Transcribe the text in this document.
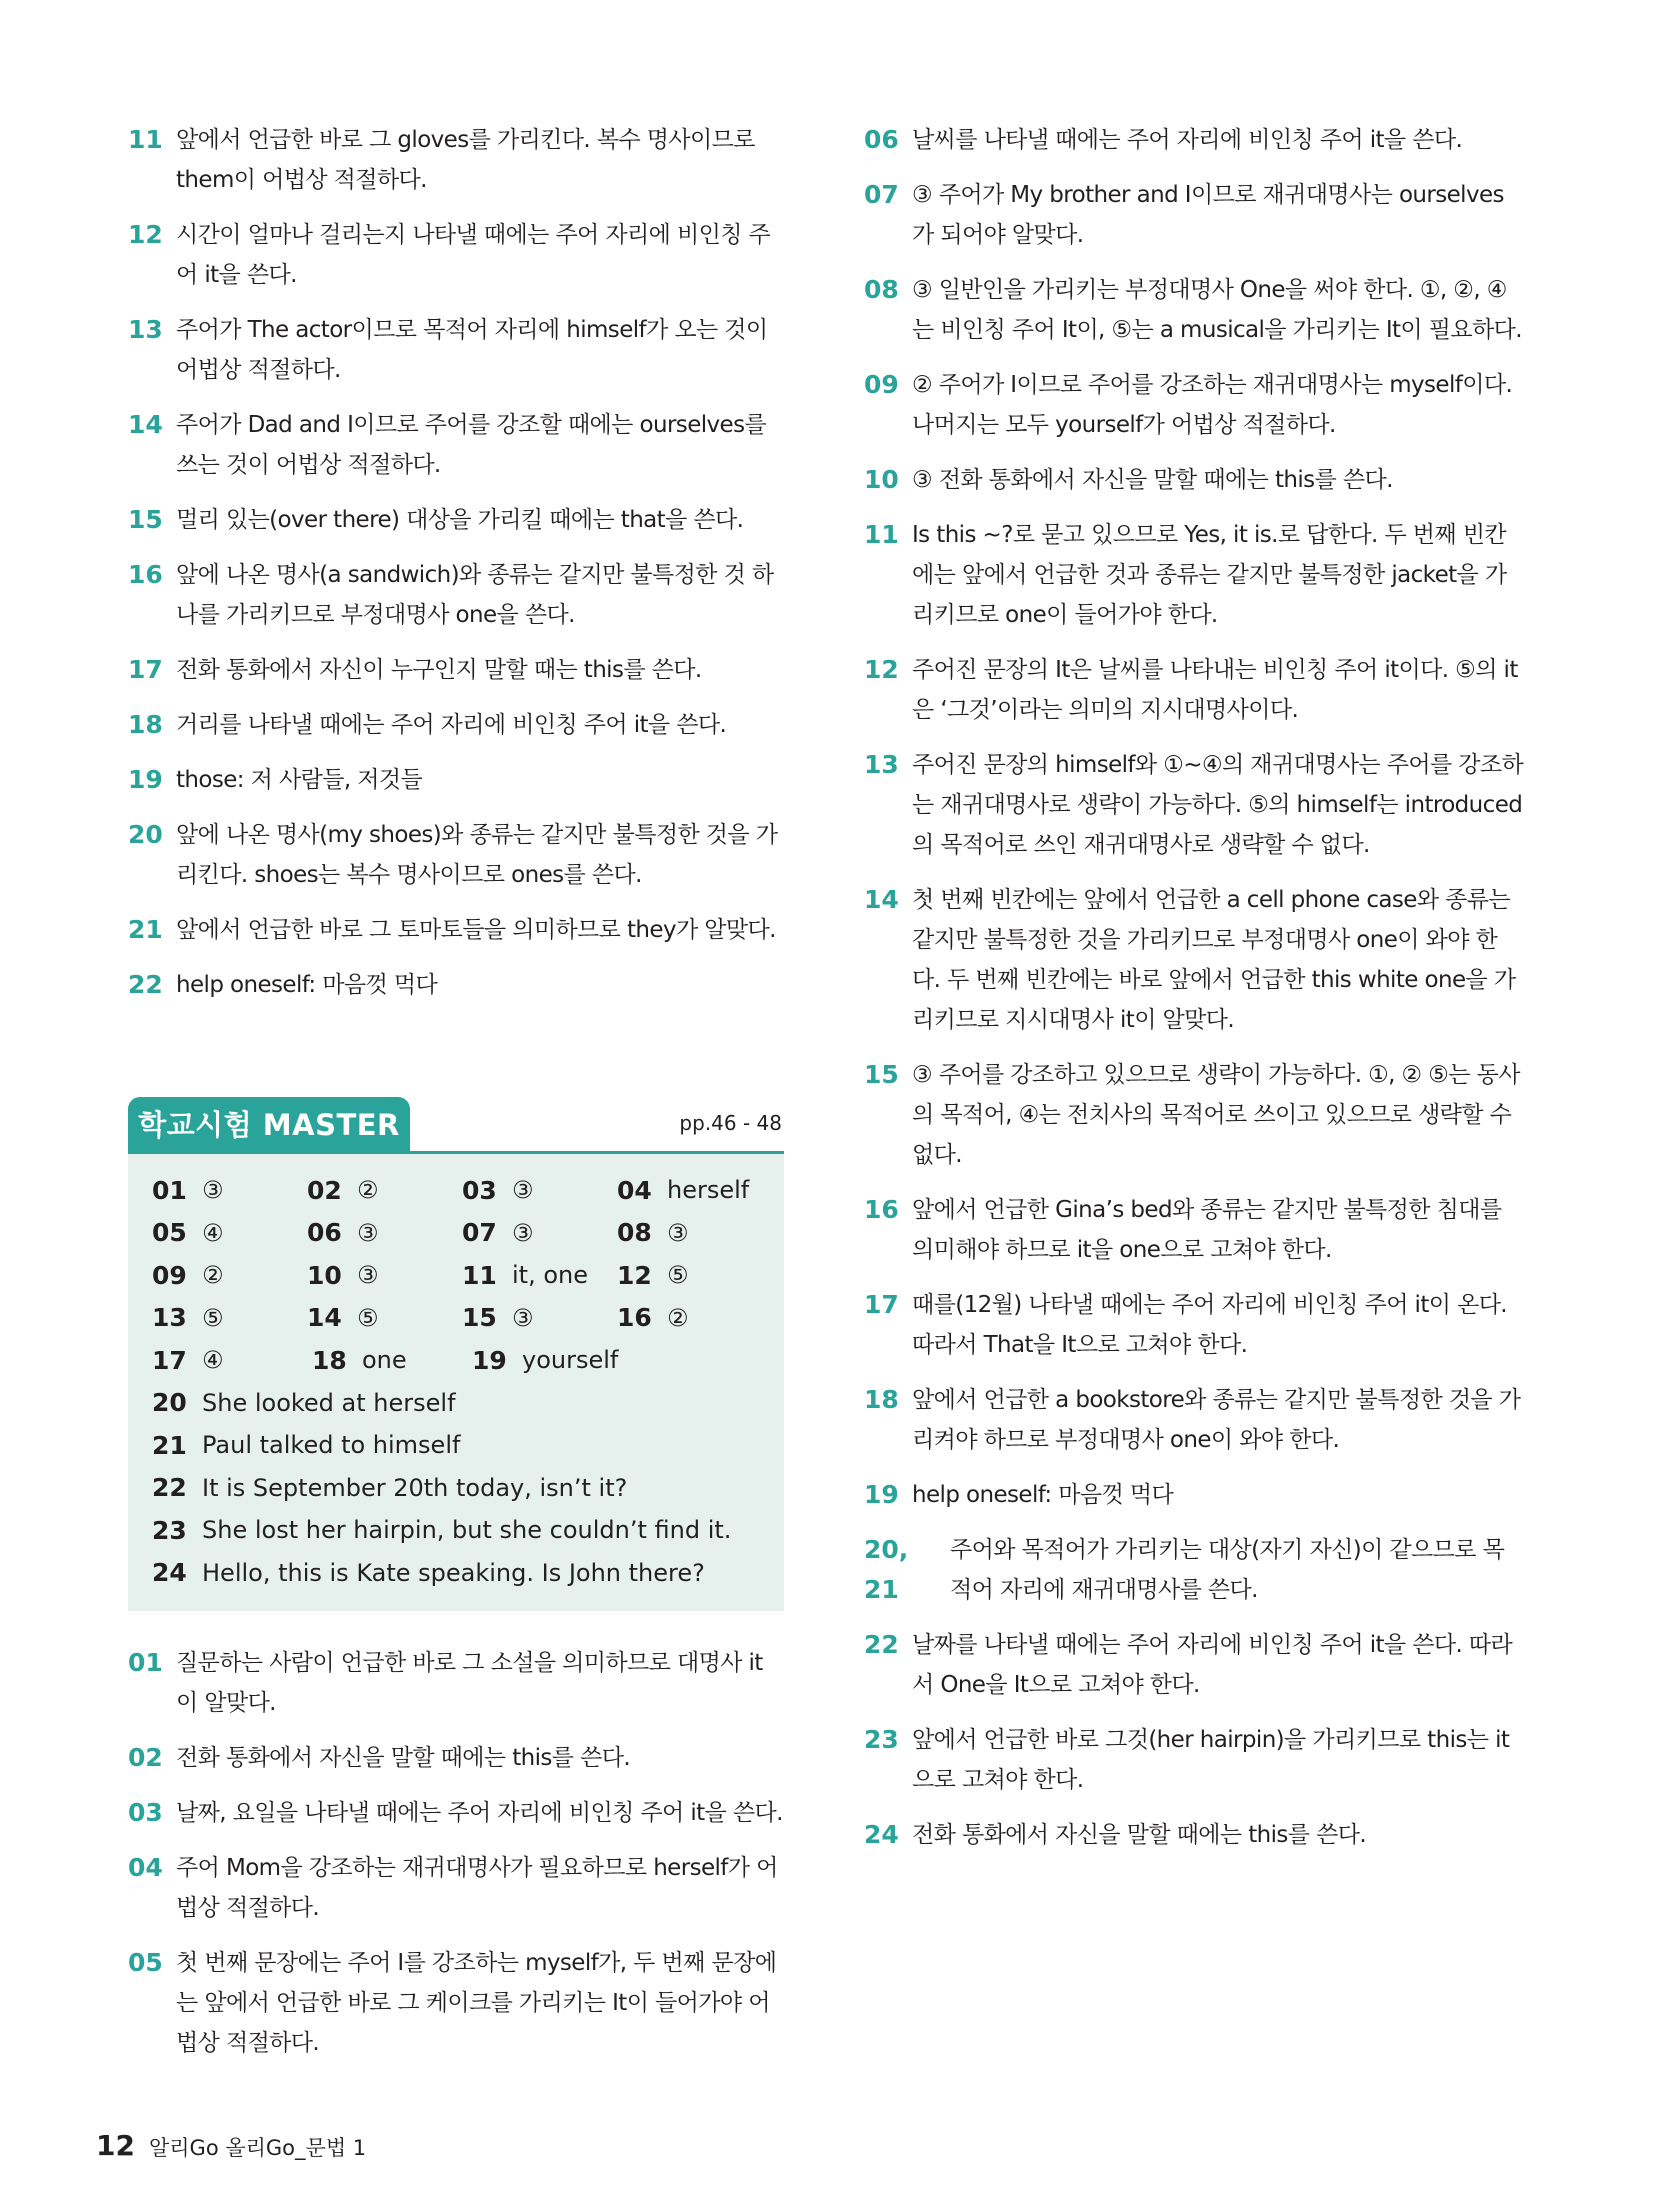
11 앞에서 언급한 바로 그 gloves를 가리킨다. 복수 명사이므로 them이 어법상 적절하다.
12 시간이 얼마나 걸리는지 나타낼 때에는 주어 자리에 비인칭 주어 it을 쓴다.
13 주어가 The actor이므로 목적어 자리에 himself가 오는 것이 어법상 적절하다.
14 주어가 Dad and I이므로 주어를 강조할 때에는 ourselves를 쓰는 것이 어법상 적절하다.
15 멀리 있는(over there) 대상을 가리킬 때에는 that을 쓴다.
16 앞에 나온 명사(a sandwich)와 종류는 같지만 불특정한 것 하나를 가리키므로 부정대명사 one을 쓴다.
17 전화 통화에서 자신이 누구인지 말할 때는 this를 쓴다.
18 거리를 나타낼 때에는 주어 자리에 비인칭 주어 it을 쓴다.
19 those: 저 사람들, 저것들
20 앞에 나온 명사(my shoes)와 종류는 같지만 불특정한 것을 가리킨다. shoes는 복수 명사이므로 ones를 쓴다.
21 앞에서 언급한 바로 그 토마토들을 의미하므로 they가 알맞다.
22 help oneself: 마음껏 먹다
학교시험 MASTER	pp.46 - 48
01 ③	02 ②	03 ③	04 herself
05 ④	06 ③	07 ③	08 ③
09 ②	10 ③	11 it, one 12 ⑤
13 ⑤	14 ⑤	15 ③	16 ②
17 ④	18 one	19 yourself
20 She looked at herself
21 Paul talked to himself
22 It is September 20th today, isn’t it?
23 She lost her hairpin, but she couldn’t find it.
24 Hello, this is Kate speaking. Is John there?
01 질문하는 사람이 언급한 바로 그 소설을 의미하므로 대명사 it이 알맞다.
02 전화 통화에서 자신을 말할 때에는 this를 쓴다.
03 날짜, 요일을 나타낼 때에는 주어 자리에 비인칭 주어 it을 쓴다.
04 주어 Mom을 강조하는 재귀대명사가 필요하므로 herself가 어법상 적절하다.
05 첫 번째 문장에는 주어 I를 강조하는 myself가, 두 번째 문장에는 앞에서 언급한 바로 그 케이크를 가리키는 It이 들어가야 어법상 적절하다.
06 날씨를 나타낼 때에는 주어 자리에 비인칭 주어 it을 쓴다.
07 ③ 주어가 My brother and I이므로 재귀대명사는 ourselves가 되어야 알맞다.
08 ③ 일반인을 가리키는 부정대명사 One을 써야 한다. ①, ②, ④는 비인칭 주어 It이, ⑤는 a musical을 가리키는 It이 필요하다.
09 ② 주어가 I이므로 주어를 강조하는 재귀대명사는 myself이다. 나머지는 모두 yourself가 어법상 적절하다.
10 ③ 전화 통화에서 자신을 말할 때에는 this를 쓴다.
11 Is this ~?로 묻고 있으므로 Yes, it is.로 답한다. 두 번째 빈칸에는 앞에서 언급한 것과 종류는 같지만 불특정한 jacket을 가리키므로 one이 들어가야 한다.
12 주어진 문장의 It은 날씨를 나타내는 비인칭 주어 it이다. ⑤의 it은 ‘그것’이라는 의미의 지시대명사이다.
13 주어진 문장의 himself와 ①~④의 재귀대명사는 주어를 강조하는 재귀대명사로 생략이 가능하다. ⑤의 himself는 introduced의 목적어로 쓰인 재귀대명사로 생략할 수 없다.
14 첫 번째 빈칸에는 앞에서 언급한 a cell phone case와 종류는 같지만 불특정한 것을 가리키므로 부정대명사 one이 와야 한다. 두 번째 빈칸에는 바로 앞에서 언급한 this white one을 가리키므로 지시대명사 it이 알맞다.
15 ③ 주어를 강조하고 있으므로 생략이 가능하다. ①, ② ⑤는 동사의 목적어, ④는 전치사의 목적어로 쓰이고 있으므로 생략할 수 없다.
16 앞에서 언급한 Gina’s bed와 종류는 같지만 불특정한 침대를 의미해야 하므로 it을 one으로 고쳐야 한다.
17 때를(12월) 나타낼 때에는 주어 자리에 비인칭 주어 it이 온다. 따라서 That을 It으로 고쳐야 한다.
18 앞에서 언급한 a bookstore와 종류는 같지만 불특정한 것을 가리켜야 하므로 부정대명사 one이 와야 한다.
19 help oneself: 마음껏 먹다
20, 21
주어와 목적어가 가리키는 대상(자기 자신)이 같으므로 목적어 자리에 재귀대명사를 쓴다.
22 날짜를 나타낼 때에는 주어 자리에 비인칭 주어 it을 쓴다. 따라서 One을 It으로 고쳐야 한다.
23 앞에서 언급한 바로 그것(her hairpin)을 가리키므로 this는 it으로 고쳐야 한다.
24 전화 통화에서 자신을 말할 때에는 this를 쓴다.
12 알리Go 올리Go_문법 1
